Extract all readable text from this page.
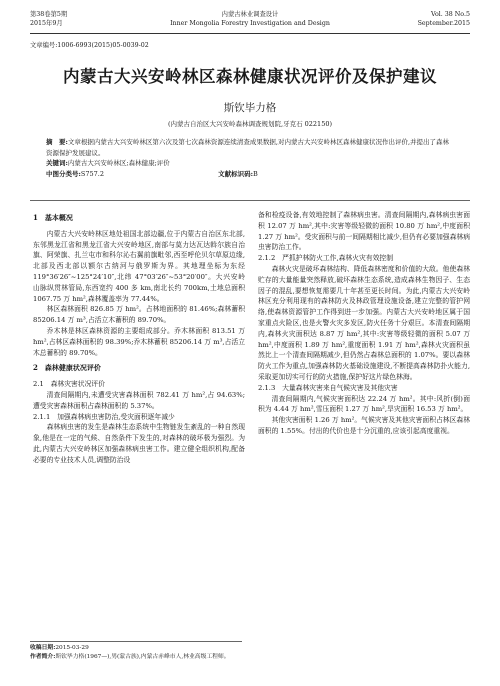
第38卷第5期
2015年9月
内蒙古林业调查设计
Inner Mongolia Forestry Investigation and Design
Vol. 38 No.5
September.2015
文章编号:1006-6993(2015)05-0039-02
内蒙古大兴安岭林区森林健康状况评价及保护建议
斯钦毕力格
(内蒙古自治区大兴安岭森林调查规划院,牙克石 022150)
摘　要:文章根据内蒙古大兴安岭林区第六次及第七次森林资源连续清查成果数据,对内蒙古大兴安岭林区森林健康状况作出评价,并提出了森林资源保护发展建议。
关键词:内蒙古大兴安岭林区;森林健康;评价
中图分类号:S757.2	文献标识码:B
1　基本概况

内蒙古大兴安岭林区地处祖国北部边疆,位于内蒙古自治区东北部,东邻黑龙江省和黑龙江省大兴安岭地区,南部与莫力达瓦达斡尔族自治旗、阿荣旗、扎兰屯市和科尔沁右翼前旗毗邻,西至呼伦贝尔草原边缘,北部及西北部以额尔古纳河与俄罗斯为界。其地理坐标为东经 119°36′26″~125°24′10″,北纬 47°03′26″~53°20′00″。大兴安岭山脉纵贯林管局,东西宽约 400 多 km,南北长约 700km,土地总面积 1067.75 万 hm²,森林覆盖率为 77.44%。

林区森林面积 826.85 万 hm²。占林地面积的 81.46%;森林蓄积 85206.14 万 m³,占活立木蓄积的 89.70%。

乔木林是林区森林资源的主要组成部分。乔木林面积 813.51 万 hm²,占林区森林面积的 98.39%;乔木林蓄积 85206.14 万 m³,占活立木总蓄积的 89.70%。

2　森林健康状况评价
2.1　森林灾害状况评价

清查间隔期内,未遭受灾害森林面积 782.41 万 hm²,占 94.63%;遭受灾害森林面积占森林面积的 5.37%。

2.1.1　加强森林病虫害防治,受灾面积逐年减少

森林病虫害的发生是森林生态系统中生物链发生紊乱的一种自然现象,他是在一定的气候、自然条件下发生的,对森林的破坏极为强烈。为此,内蒙古大兴安岭林区加强森林病虫害工作。建立健全组织机构,配备必要的专业技术人员,调整防治设

备和检疫设备,有效地控制了森林病虫害。清查间隔期内,森林病虫害面积 12.07 万 hm²,其中:灾害等级轻微的面积 10.80 万 hm²,中度面积 1.27 万 hm²。受灾面积与前一间隔期相比减少,但仍有必要加强森林病虫害防治工作。

2.1.2　严抓护林防火工作,森林火灾有效控制

森林火灾是破坏森林结构、降低森林密度和价值的大敌。他使森林贮存的大量能量突然释放,破坏森林生态系统,造成森林生物因子、生态因子的混乱,要想恢复需要几十年甚至更长时间。为此,内蒙古大兴安岭林区充分利用现有的森林防火及林政管理设施设备,建立完整的管护网络,使森林资源管护工作得到进一步加强。内蒙古大兴安岭地区属于国家重点火险区,也是火警火灾多发区,防火任务十分艰巨。本清查间隔期内,森林火灾面积达 8.87 万 hm²,其中:灾害等级轻微的面积 5.07 万 hm²,中度面积 1.89 万 hm²,重度面积 1.91 万 hm²,森林火灾面积虽然比上一个清查间隔期减少,但仍然占森林总面积的 1.07%。要以森林防火工作为重点,加强森林防火基础设施建设,不断提高森林防扑火能力,采取更加切实可行的防火措施,保护好这片绿色林海。

2.1.3　大量森林灾害来自气候灾害及其他灾害

清查间隔期内,气候灾害面积达 22.24 万 hm²。其中:风折(倒)面积为 4.44 万 hm²,雪压面积 1.27 万 hm²,旱灾面积 16.53 万 hm²。

其他灾害面积 1.26 万 hm²。气候灾害及其他灾害面积占林区森林面积的 1.55%。付出的代价也是十分沉重的,应该引起高度重视。

收稿日期:2015-03-29
作者简介:斯钦毕力格(1967—),男(蒙古族),内蒙古赤峰市人,林业高级工程师。
